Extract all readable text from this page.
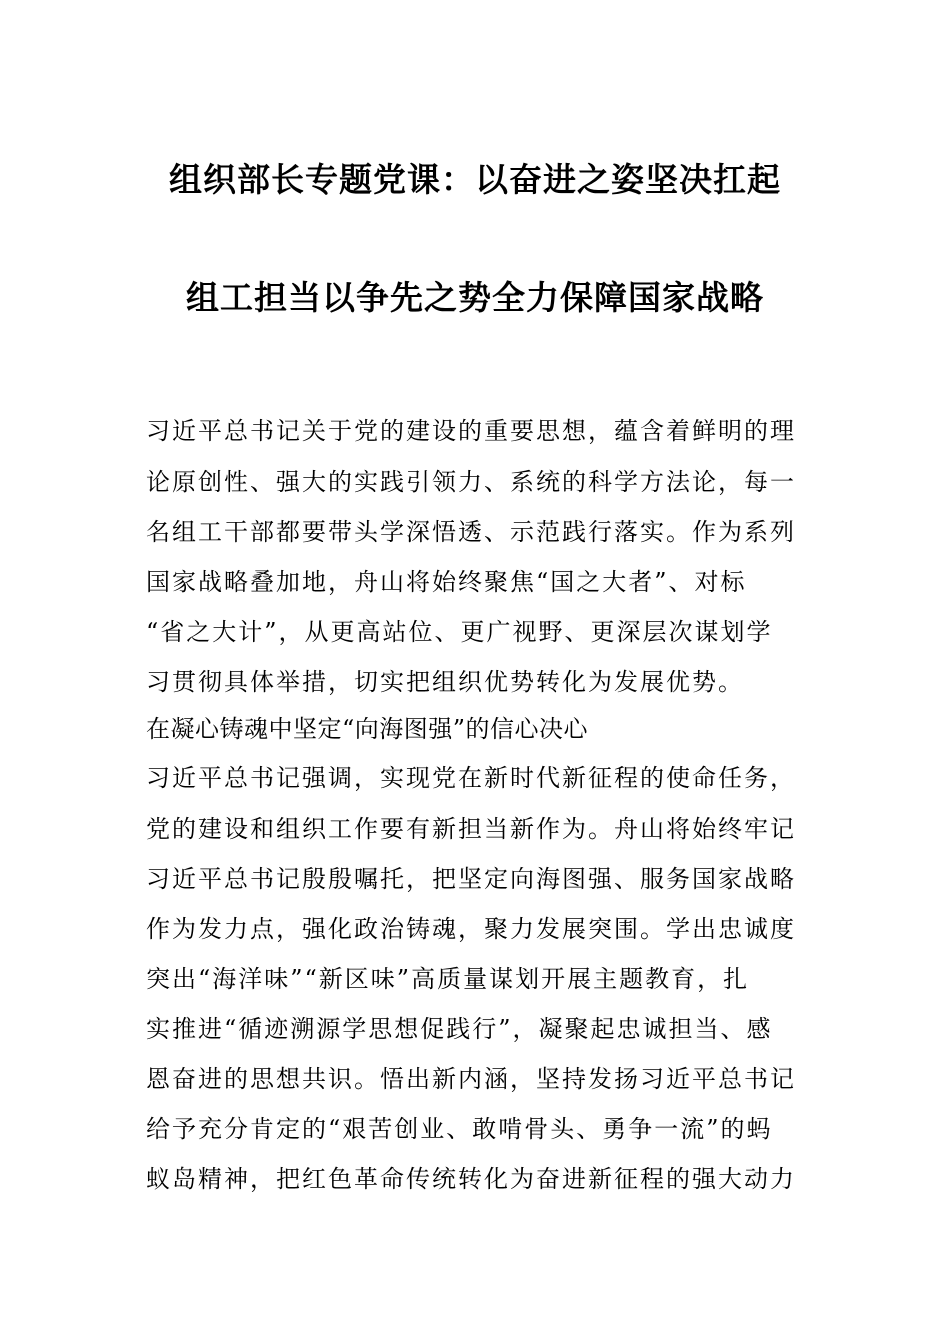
组织部长专题党课：以奋进之姿坚决扛起
组工担当以争先之势全力保障国家战略
习近平总书记关于党的建设的重要思想，蕴含着鲜明的理
论原创性、强大的实践引领力、系统的科学方法论，每一
名组工干部都要带头学深悟透、示范践行落实。作为系列
国家战略叠加地，舟山将始终聚焦“国之大者”、对标
“省之大计”，从更高站位、更广视野、更深层次谋划学
习贯彻具体举措，切实把组织优势转化为发展优势。
在凝心铸魂中坚定“向海图强”的信心决心
习近平总书记强调，实现党在新时代新征程的使命任务，
党的建设和组织工作要有新担当新作为。舟山将始终牢记
习近平总书记殷殷嘱托，把坚定向海图强、服务国家战略
作为发力点，强化政治铸魂，聚力发展突围。学出忠诚度
突出“海洋味”“新区味”高质量谋划开展主题教育，扎
实推进“循迹溯源学思想促践行”，凝聚起忠诚担当、感
恩奋进的思想共识。悟出新内涵，坚持发扬习近平总书记
给予充分肯定的“艰苦创业、敢啃骨头、勇争一流”的蚂
蚁岛精神，把红色革命传统转化为奋进新征程的强大动力
